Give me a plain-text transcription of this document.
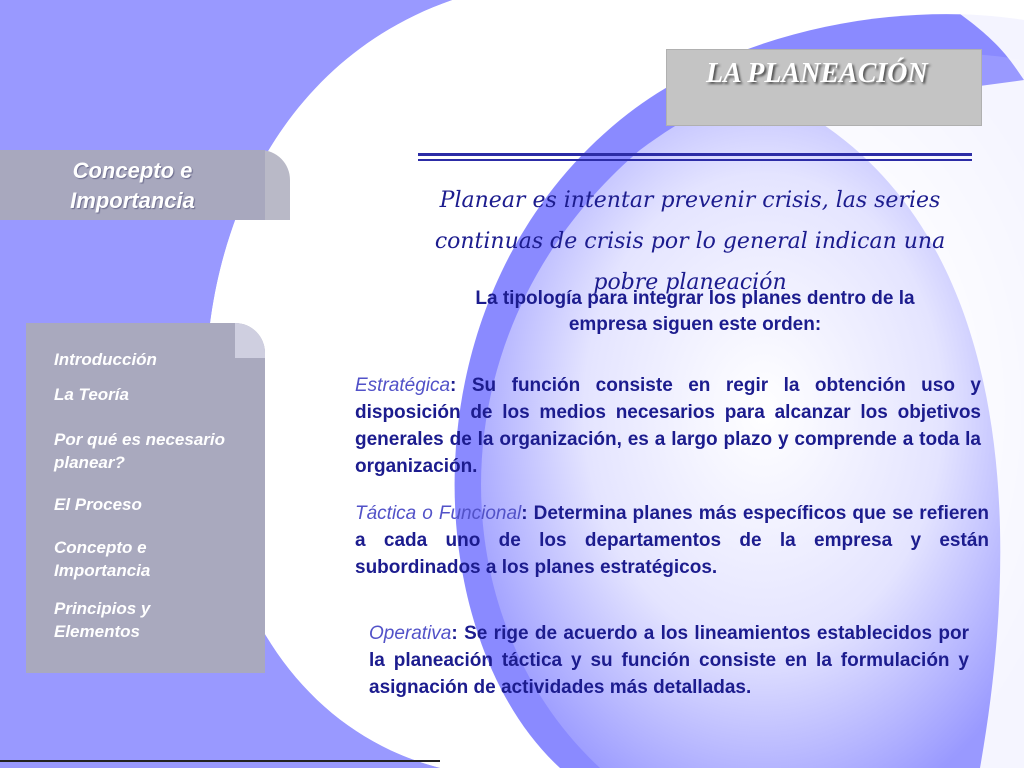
LA PLANEACIÓN
Concepto e Importancia
Introducción
La Teoría
Por qué es necesario planear?
El Proceso
Concepto e Importancia
Principios y Elementos
Planear es intentar prevenir crisis, las series continuas de crisis por lo general indican una pobre planeación
La tipología para integrar los planes dentro de la empresa siguen este orden:
Estratégica: Su función consiste en regir la obtención uso y disposición de los medios necesarios para alcanzar los objetivos generales de la organización, es a largo plazo y comprende a toda la organización.
Táctica o Funcional: Determina planes más específicos que se refieren a cada uno de los departamentos de la empresa y están subordinados a los planes estratégicos.
Operativa: Se rige de acuerdo a los lineamientos establecidos por la planeación táctica y su función consiste en la formulación y asignación de actividades más detalladas.
